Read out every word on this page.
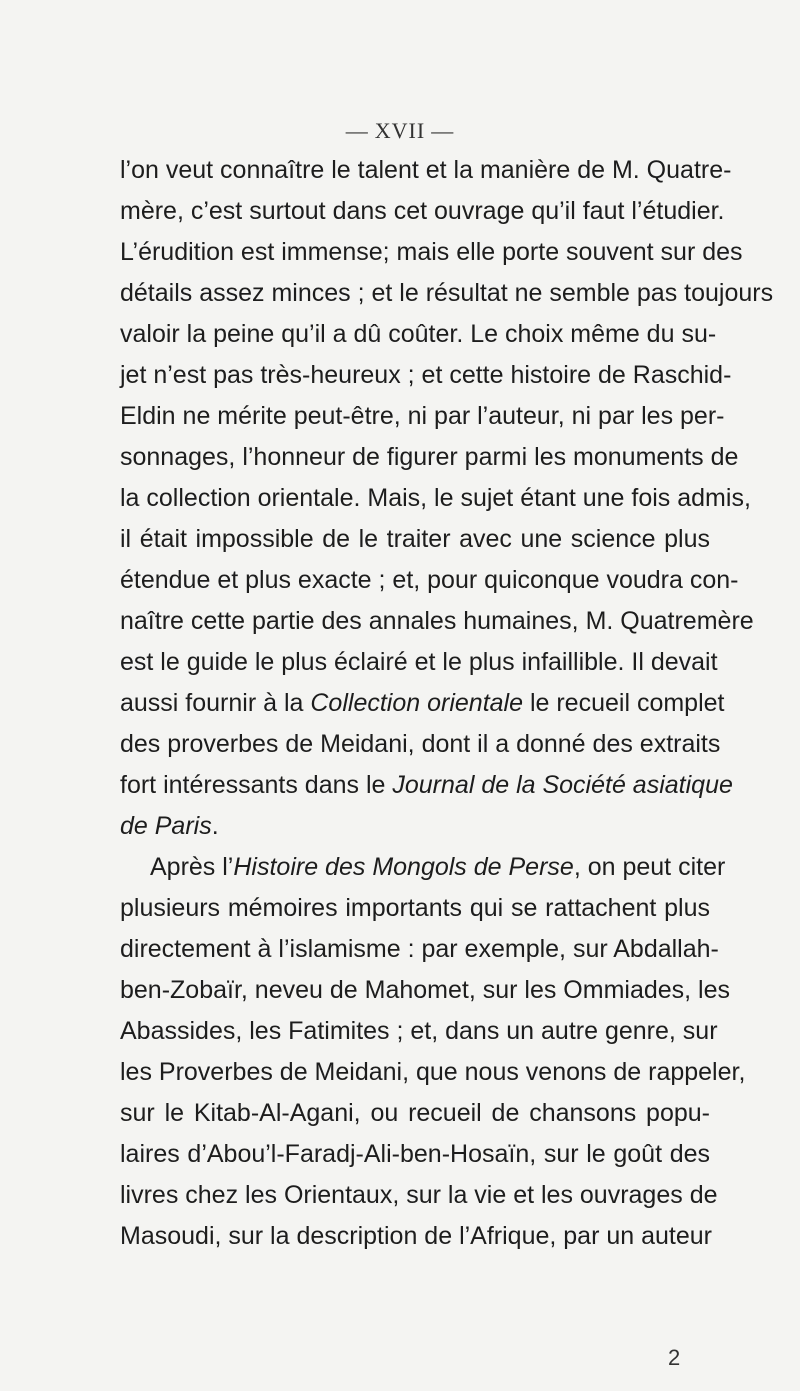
— XVII —
l’on veut connaître le talent et la manière de M. Quatre-
mère, c’est surtout dans cet ouvrage qu’il faut l’étudier.
L’érudition est immense; mais elle porte souvent sur des
détails assez minces ; et le résultat ne semble pas toujours
valoir la peine qu’il a dû coûter. Le choix même du su-
jet n’est pas très-heureux ; et cette histoire de Raschid-
Eldin ne mérite peut-être, ni par l’auteur, ni par les per-
sonnages, l’honneur de figurer parmi les monuments de
la collection orientale. Mais, le sujet étant une fois admis,
il était impossible de le traiter avec une science plus
étendue et plus exacte ; et, pour quiconque voudra con-
naître cette partie des annales humaines, M. Quatremère
est le guide le plus éclairé et le plus infaillible. Il devait
aussi fournir à la Collection orientale le recueil complet
des proverbes de Meidani, dont il a donné des extraits
fort intéressants dans le Journal de la Société asiatique
de Paris.
Après l’Histoire des Mongols de Perse, on peut citer
plusieurs mémoires importants qui se rattachent plus
directement à l’islamisme : par exemple, sur Abdallah-
ben-Zobaïr, neveu de Mahomet, sur les Ommiades, les
Abassides, les Fatimites ; et, dans un autre genre, sur
les Proverbes de Meidani, que nous venons de rappeler,
sur le Kitab-Al-Agani, ou recueil de chansons popu-
laires d’Abou’l-Faradj-Ali-ben-Hosaïn, sur le goût des
livres chez les Orientaux, sur la vie et les ouvrages de
Masoudi, sur la description de l’Afrique, par un auteur
2
